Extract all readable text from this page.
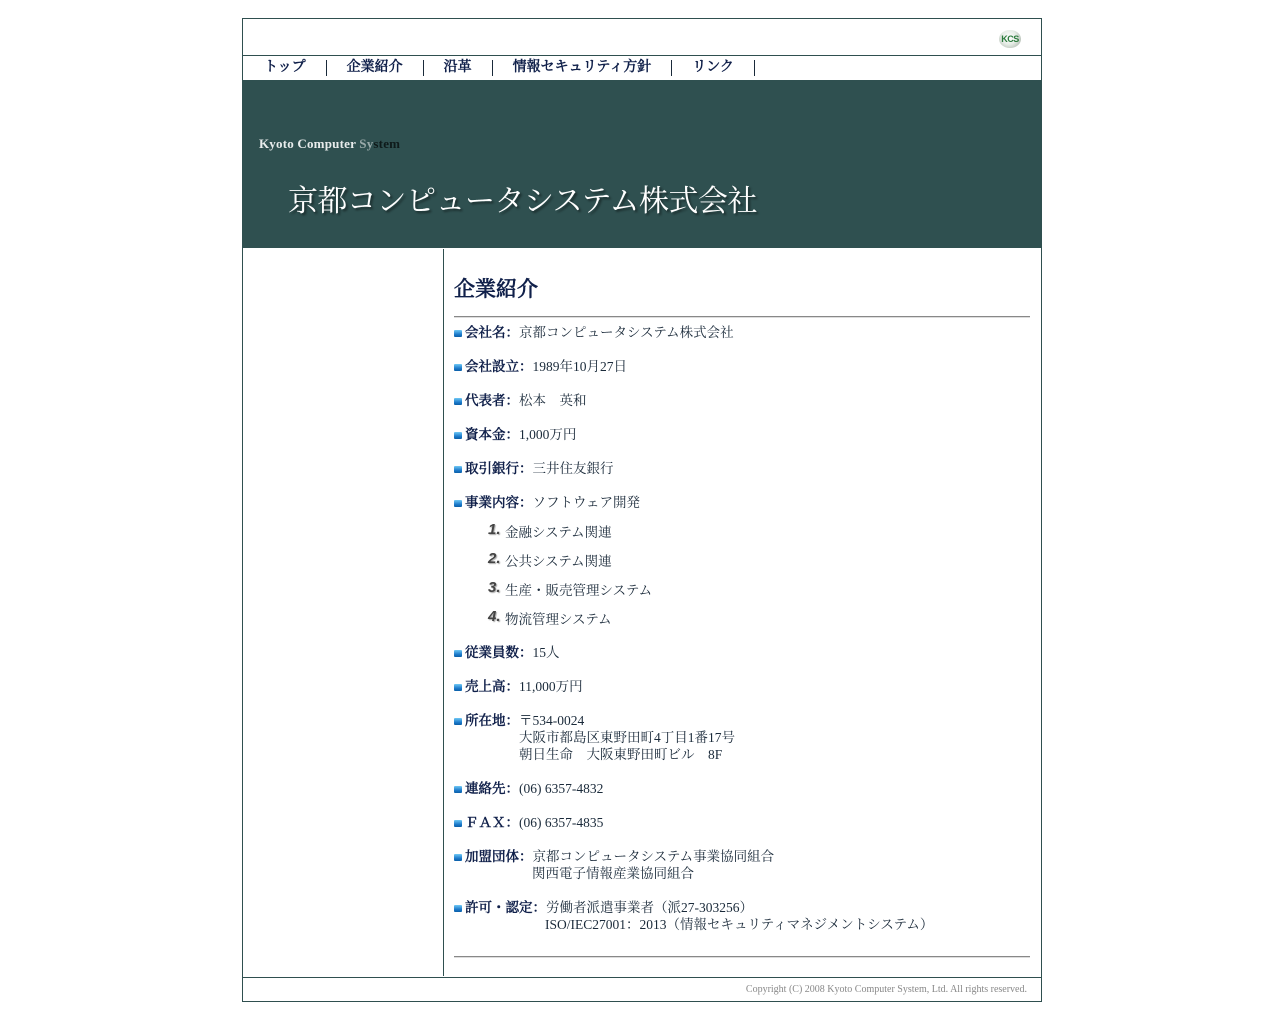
KCS
トップ	企業紹介	沿革	情報セキュリティ方針	リンク
Kyoto Computer System
京都コンピュータシステム株式会社
企業紹介
会社名：京都コンピュータシステム株式会社
会社設立：1989年10月27日
代表者：松本　英和
資本金：1,000万円
取引銀行：三井住友銀行
事業内容：ソフトウェア開発
1. 金融システム関連
2. 公共システム関連
3. 生産・販売管理システム
4. 物流管理システム
従業員数：15人
売上高：11,000万円
所在地：〒534-0024
大阪市都島区東野田町4丁目1番17号
朝日生命　大阪東野田町ビル　8F
連絡先：(06) 6357-4832
ＦＡＸ：(06) 6357-4835
加盟団体：京都コンピュータシステム事業協同組合
関西電子情報産業協同組合
許可・認定：労働者派遣事業者（派27-303256）
ISO/IEC27001：2013（情報セキュリティマネジメントシステム）
Copyright (C) 2008 Kyoto Computer System, Ltd. All rights reserved.
